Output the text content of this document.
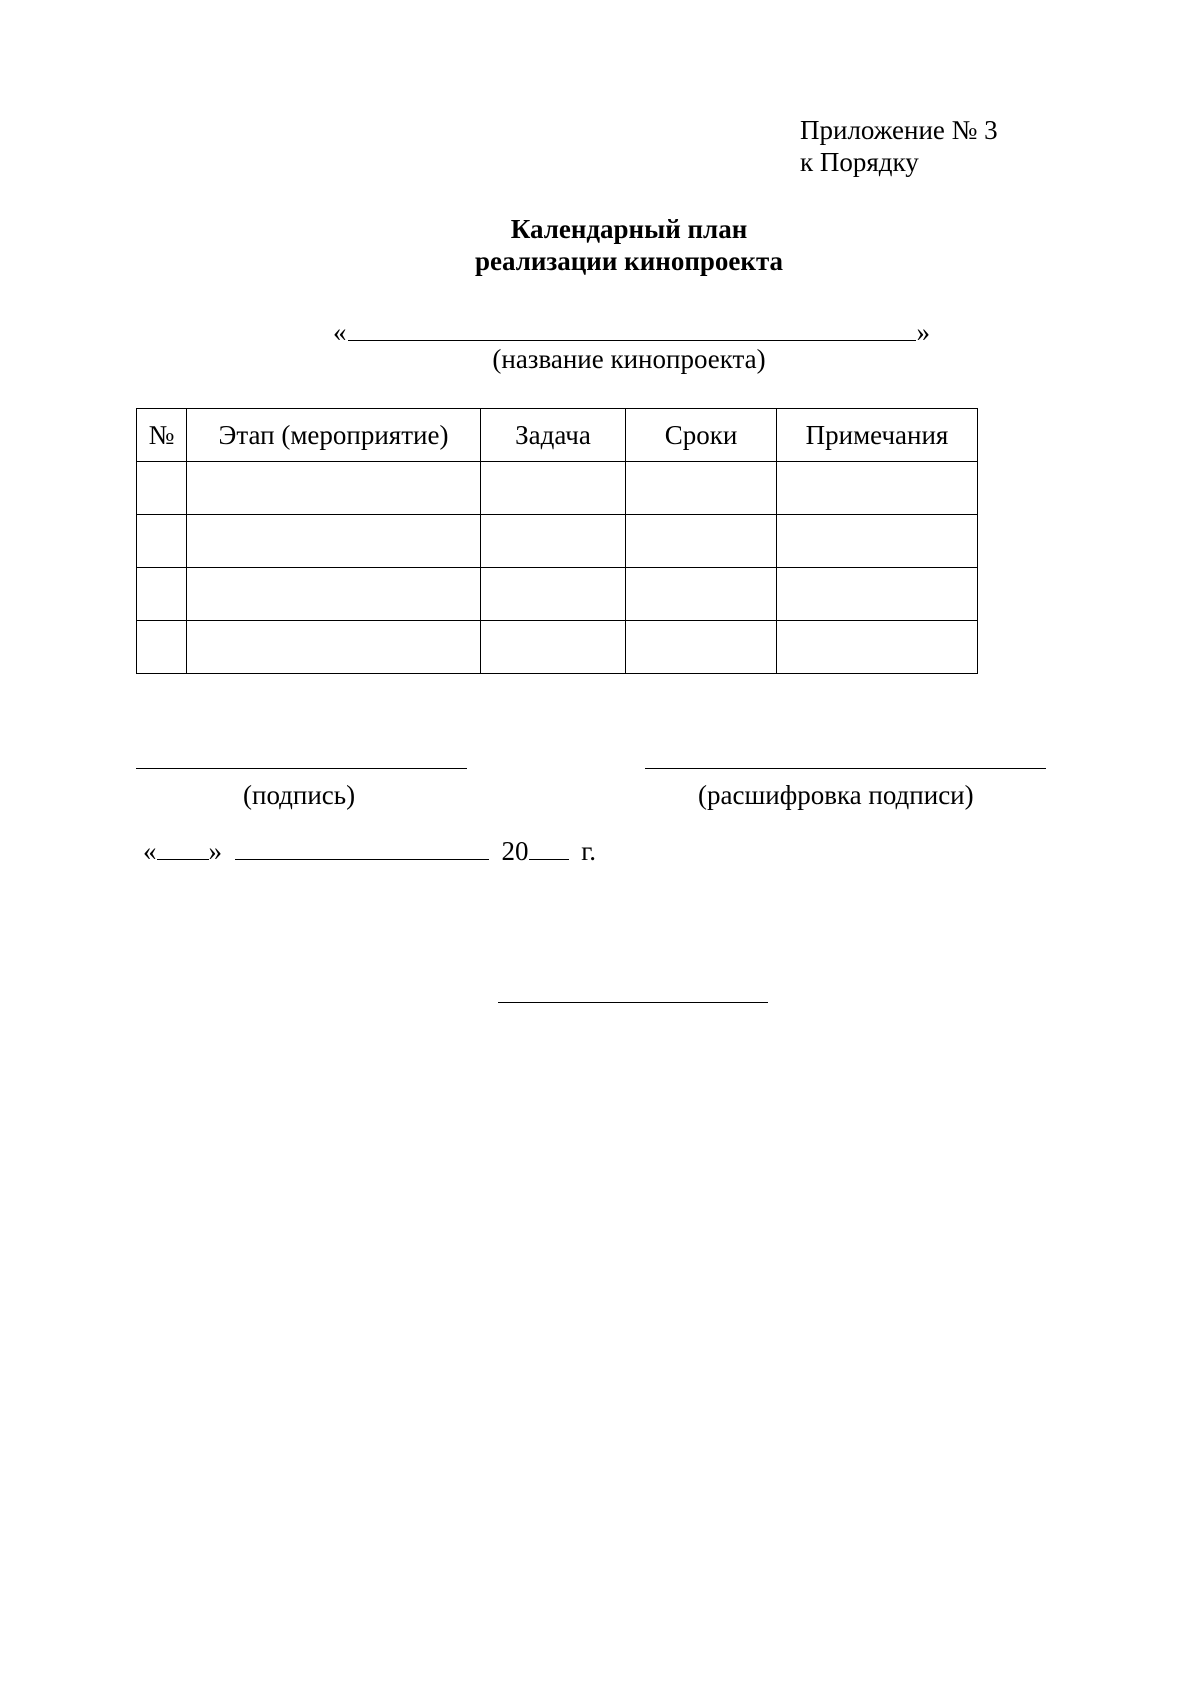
Приложение № 3
к Порядку
Календарный план
реализации кинопроекта
«	»
(название кинопроекта)
№	Этап (мероприятие)	Задача	Сроки	Примечания

(подпись)	(расшифровка подписи)
« »	20 г.
